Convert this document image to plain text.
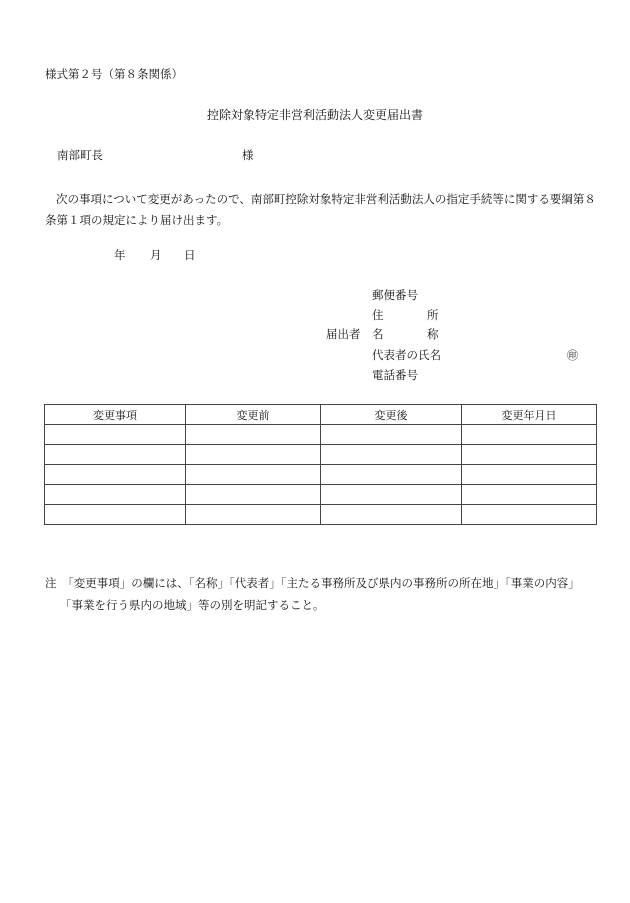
様式第２号（第８条関係）
控除対象特定非営利活動法人変更届出書
南部町長	様
次の事項について変更があったので、南部町控除対象特定非営利活動法人の指定手続等に関する要綱第８条第１項の規定により届け出ます。
年 月 日
郵便番号
住	所
届出者 名	称
代表者の氏名	㊞
電話番号
変更事項	変更前	変更後	変更年月日

注　「変更事項」の欄には、「名称」「代表者」「主たる事務所及び県内の事務所の所在地」「事業の内容」
「事業を行う県内の地域」等の別を明記すること。
